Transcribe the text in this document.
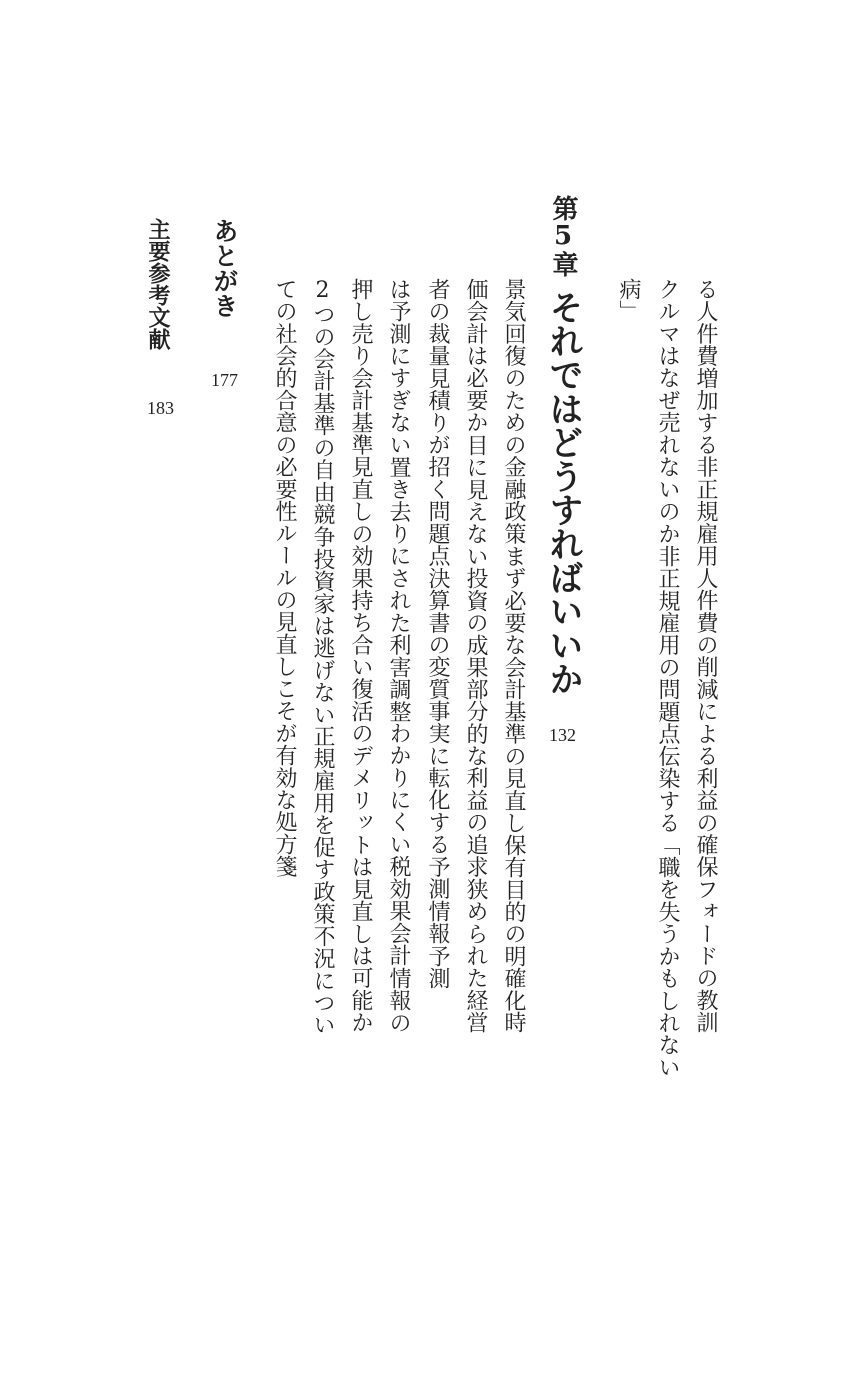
る人件費増加する非正規雇用人件費の削減による利益の確保フォードの教訓
クルマはなぜ売れないのか非正規雇用の問題点伝染する「職を失うかもしれない
病」
第5章
それではどうすればいいか
132
景気回復のための金融政策まず必要な会計基準の見直し保有目的の明確化時
価会計は必要か目に見えない投資の成果部分的な利益の追求狭められた経営
者の裁量見積りが招く問題点決算書の変質事実に転化する予測情報予測
は予測にすぎない置き去りにされた利害調整わかりにくい税効果会計情報の
押し売り会計基準見直しの効果持ち合い復活のデメリットは見直しは可能か
2つの会計基準の自由競争投資家は逃げない正規雇用を促す政策不況につい
ての社会的合意の必要性ルールの見直しこそが有効な処方箋
あとがき
177
主要参考文献
183
